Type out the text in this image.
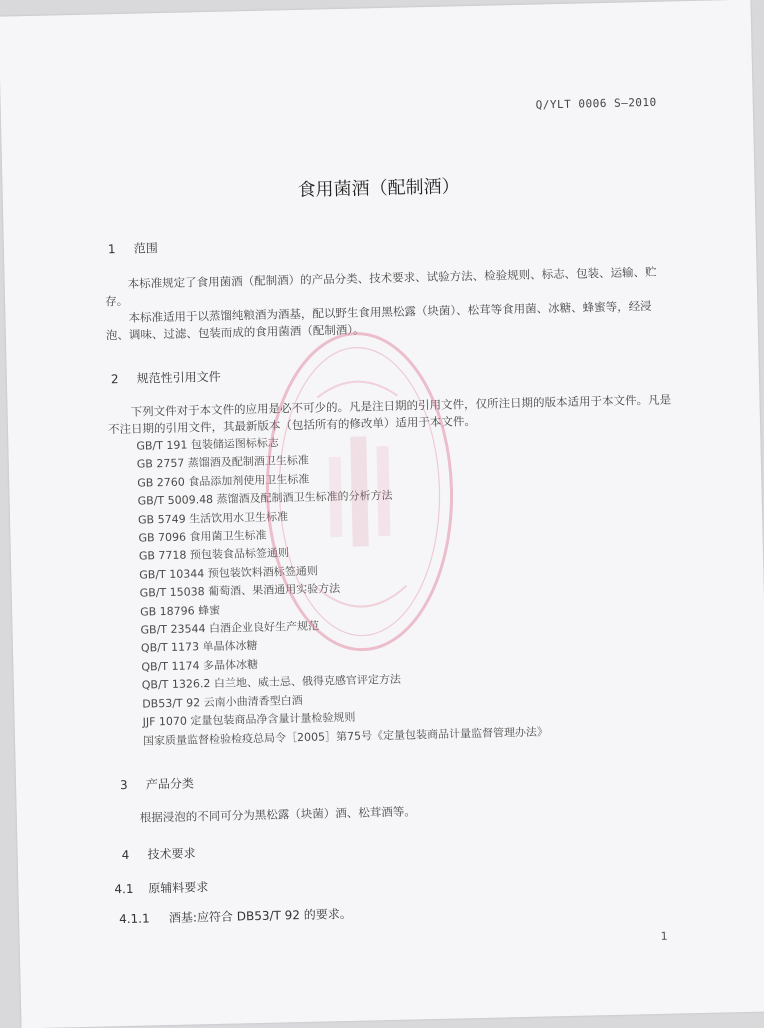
Q/YLT 0006 S—2010
食用菌酒（配制酒）
1 范围

本标准规定了食用菌酒（配制酒）的产品分类、技术要求、试验方法、检验规则、标志、包装、运输、贮存。 本标准适用于以蒸馏纯粮酒为酒基，配以野生食用黑松露（块菌）、松茸等食用菌、冰糖、蜂蜜等，经浸泡、调味、过滤、包装而成的食用菌酒（配制酒）。

2 规范性引用文件

下列文件对于本文件的应用是必不可少的。凡是注日期的引用文件，仅所注日期的版本适用于本文件。凡是不注日期的引用文件，其最新版本（包括所有的修改单）适用于本文件。

GB/T 191 包装储运图标标志
GB 2757 蒸馏酒及配制酒卫生标准
GB 2760 食品添加剂使用卫生标准
GB/T 5009.48 蒸馏酒及配制酒卫生标准的分析方法
GB 5749 生活饮用水卫生标准
GB 7096 食用菌卫生标准
GB 7718 预包装食品标签通则
GB/T 10344 预包装饮料酒标签通则
GB/T 15038 葡萄酒、果酒通用实验方法
GB 18796 蜂蜜
GB/T 23544 白酒企业良好生产规范
QB/T 1173 单晶体冰糖
QB/T 1174 多晶体冰糖
QB/T 1326.2 白兰地、威士忌、俄得克感官评定方法
DB53/T 92 云南小曲清香型白酒
JJF 1070 定量包装商品净含量计量检验规则
国家质量监督检验检疫总局令［2005］第75号《定量包装商品计量监督管理办法》
3 产品分类

根据浸泡的不同可分为黑松露（块菌）酒、松茸酒等。

4 技术要求
4.1 原辅料要求
4.1.1 酒基:应符合 DB53/T 92 的要求。
1
